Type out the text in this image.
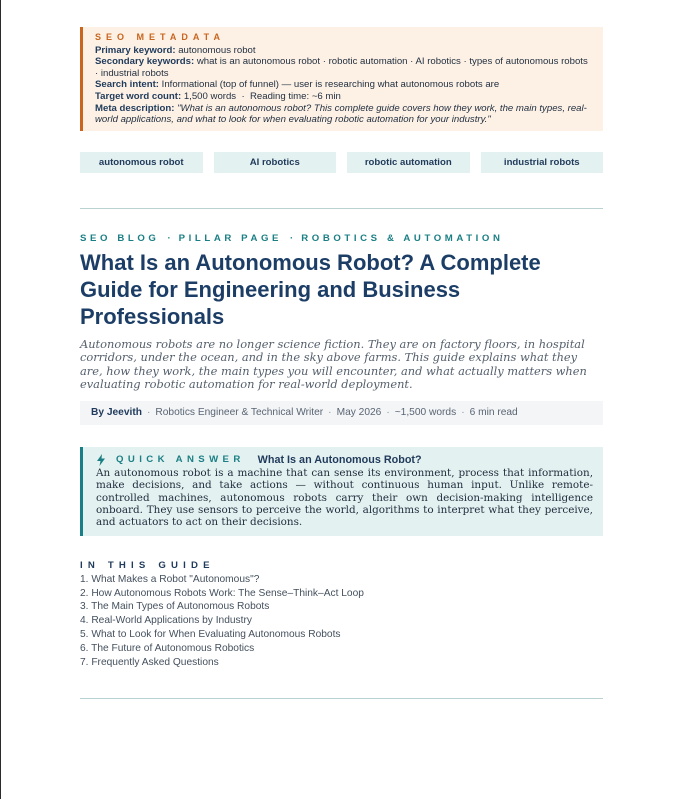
SEO METADATA
Primary keyword: autonomous robot
Secondary keywords: what is an autonomous robot · robotic automation · AI robotics · types of autonomous robots · industrial robots
Search intent: Informational (top of funnel) — user is researching what autonomous robots are
Target word count: 1,500 words  ·  Reading time: ~6 min
Meta description: "What is an autonomous robot? This complete guide covers how they work, the main types, real-world applications, and what to look for when evaluating robotic automation for your industry."
autonomous robot	AI robotics	robotic automation	industrial robots
SEO BLOG · PILLAR PAGE · ROBOTICS & AUTOMATION
What Is an Autonomous Robot? A Complete Guide for Engineering and Business Professionals
Autonomous robots are no longer science fiction. They are on factory floors, in hospital corridors, under the ocean, and in the sky above farms. This guide explains what they are, how they work, the main types you will encounter, and what actually matters when evaluating robotic automation for real-world deployment.
By Jeevith · Robotics Engineer & Technical Writer · May 2026 · ~1,500 words · 6 min read
QUICK ANSWER What Is an Autonomous Robot?
An autonomous robot is a machine that can sense its environment, process that information, make decisions, and take actions — without continuous human input. Unlike remote-controlled machines, autonomous robots carry their own decision-making intelligence onboard. They use sensors to perceive the world, algorithms to interpret what they perceive, and actuators to act on their decisions.
IN THIS GUIDE
1. What Makes a Robot "Autonomous"?
2. How Autonomous Robots Work: The Sense–Think–Act Loop
3. The Main Types of Autonomous Robots
4. Real-World Applications by Industry
5. What to Look for When Evaluating Autonomous Robots
6. The Future of Autonomous Robotics
7. Frequently Asked Questions
